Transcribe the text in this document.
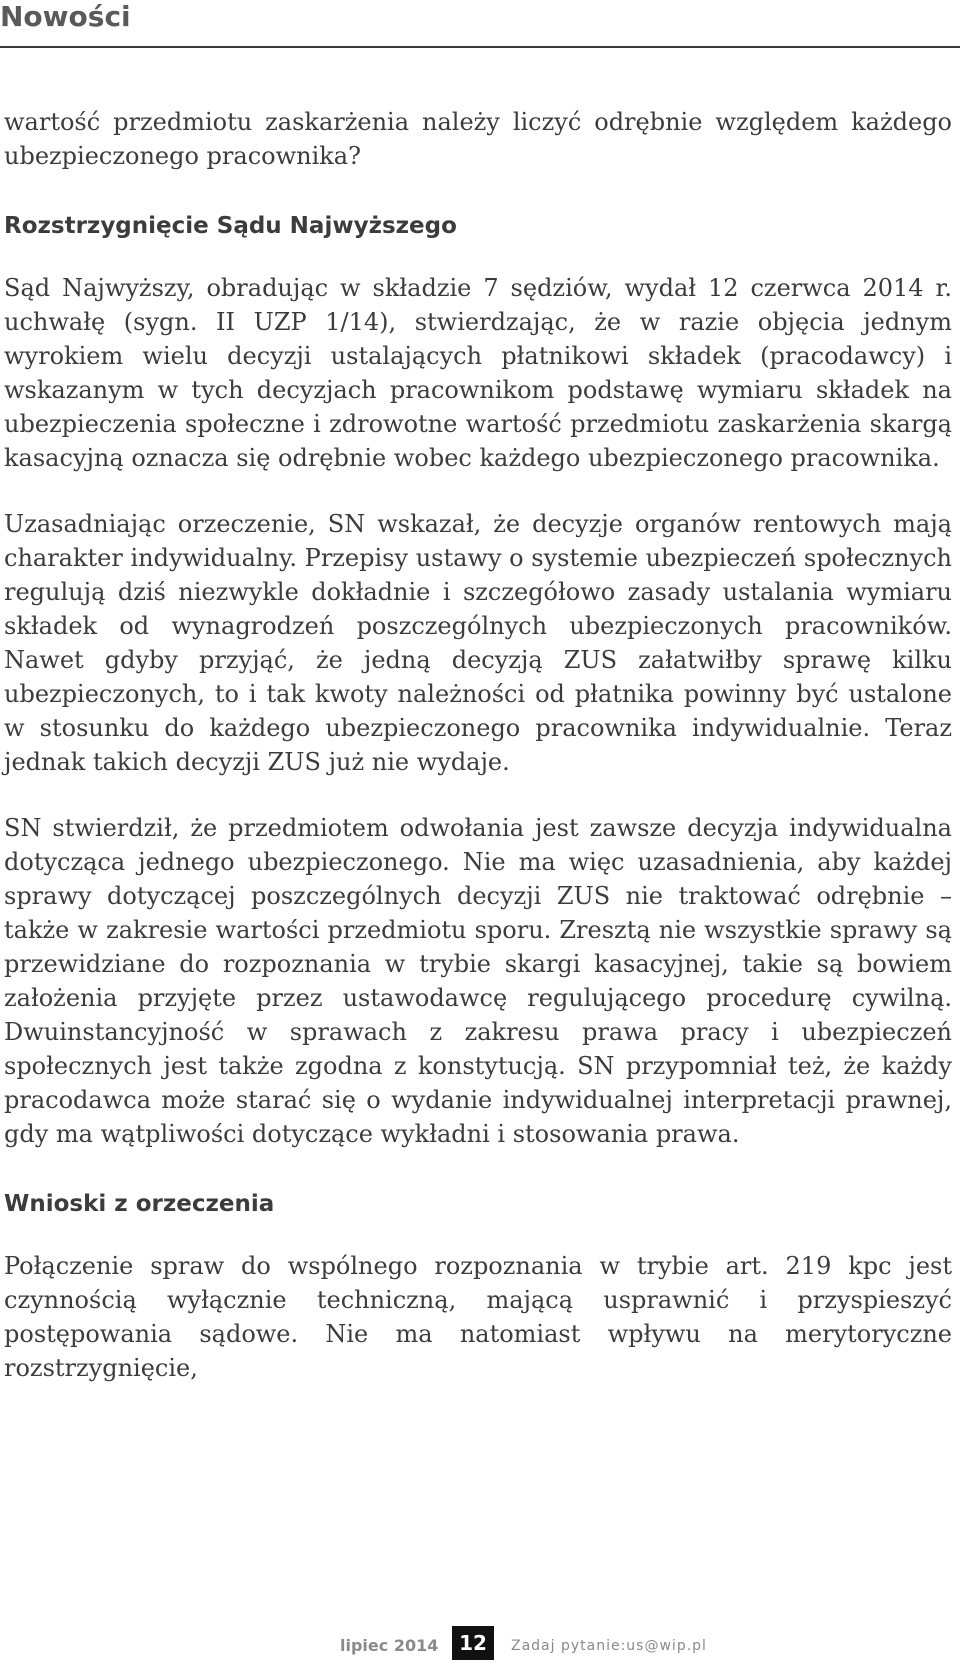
Nowości

wartość przedmiotu zaskarżenia należy liczyć odrębnie względem każdego ubezpieczonego pracownika?

Rozstrzygnięcie Sądu Najwyższego

Sąd Najwyższy, obradując w składzie 7 sędziów, wydał 12 czerwca 2014 r. uchwałę (sygn. II UZP 1/14), stwierdzając, że w razie objęcia jednym wyrokiem wielu decyzji ustalających płatnikowi składek (pracodawcy) i wskazanym w tych decyzjach pracownikom podstawę wymiaru składek na ubezpieczenia społeczne i zdrowotne wartość przedmiotu zaskarżenia skargą kasacyjną oznacza się odrębnie wobec każdego ubezpieczonego pracownika.

Uzasadniając orzeczenie, SN wskazał, że decyzje organów rentowych mają charakter indywidualny. Przepisy ustawy o systemie ubezpieczeń społecznych regulują dziś niezwykle dokładnie i szczegółowo zasady ustalania wymiaru składek od wynagrodzeń poszczególnych ubezpieczonych pracowników. Nawet gdyby przyjąć, że jedną decyzją ZUS załatwiłby sprawę kilku ubezpieczonych, to i tak kwoty należności od płatnika powinny być ustalone w stosunku do każdego ubezpieczonego pracownika indywidualnie. Teraz jednak takich decyzji ZUS już nie wydaje.

SN stwierdził, że przedmiotem odwołania jest zawsze decyzja indywidualna dotycząca jednego ubezpieczonego. Nie ma więc uzasadnienia, aby każdej sprawy dotyczącej poszczególnych decyzji ZUS nie traktować odrębnie – także w zakresie wartości przedmiotu sporu. Zresztą nie wszystkie sprawy są przewidziane do rozpoznania w trybie skargi kasacyjnej, takie są bowiem założenia przyjęte przez ustawodawcę regulującego procedurę cywilną. Dwuinstancyjność w sprawach z zakresu prawa pracy i ubezpieczeń społecznych jest także zgodna z konstytucją. SN przypomniał też, że każdy pracodawca może starać się o wydanie indywidualnej interpretacji prawnej, gdy ma wątpliwości dotyczące wykładni i stosowania prawa.

Wnioski z orzeczenia

Połączenie spraw do wspólnego rozpoznania w trybie art. 219 kpc jest czynnością wyłącznie techniczną, mającą usprawnić i przyspieszyć postępowania sądowe. Nie ma natomiast wpływu na merytoryczne rozstrzygnięcie,

lipiec 2014	12	Zadaj pytanie:us@wip.pl
